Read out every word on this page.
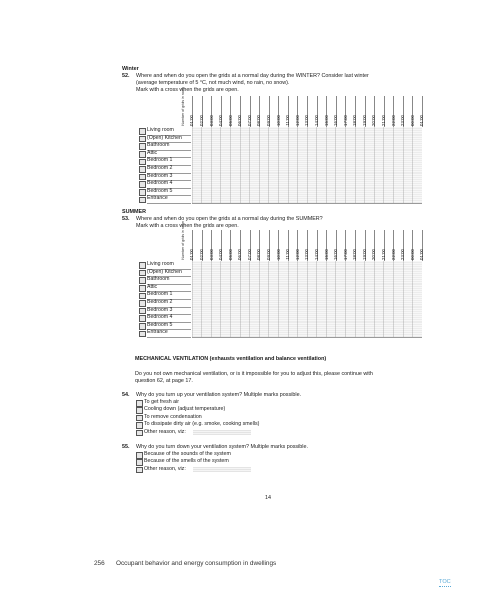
Winter
52. Where and when do you open the grids at a normal day during the WINTER? Consider last winter
(average temperature of 5 °C, not much wind, no rain, no snow).
Mark with a cross when the grids are open.
Number of grids in room
01:00 02:00 03:00 04:00 05:00 06:00 07:00 08:00 09:00 10:00 11:00 12:00 13:00 14:00 15:00 16:00 17:00 18:00 19:00 20:00 21:00 22:00 23:00 00:00 01:00
Living room
(Open) Kitchen
Bathroom
Attic
Bedroom 1
Bedroom 2
Bedroom 3
Bedroom 4
Bedroom 5
Entrance
SUMMER
53. Where and when do you open the grids at a normal day during the SUMMER?
Mark with a cross when the grids are open.
Number of grids in room
01:00 02:00 03:00 04:00 05:00 06:00 07:00 08:00 09:00 10:00 11:00 12:00 13:00 14:00 15:00 16:00 17:00 18:00 19:00 20:00 21:00 22:00 23:00 00:00 01:00
Living room
(Open) Kitchen
Bathroom
Attic
Bedroom 1
Bedroom 2
Bedroom 3
Bedroom 4
Bedroom 5
Entrance
MECHANICAL VENTILATION (exhausts ventilation and balance ventilation)
Do you not own mechanical ventilation, or is it impossible for you to adjust this, please continue with
question 62, at page 17.
54. Why do you turn up your ventilation system? Multiple marks possible.
To get fresh air
Cooling down (adjust temperature)
To remove condensation
To dissipate dirty air (e.g. smoke, cooking smells)
Other reason, viz:
55. Why do you turn down your ventilation system? Multiple marks possible.
Because of the sounds of the system
Because of the smells of the system
Other reason, viz:
14
256 Occupant behavior and energy consumption in dwellings
TOC
